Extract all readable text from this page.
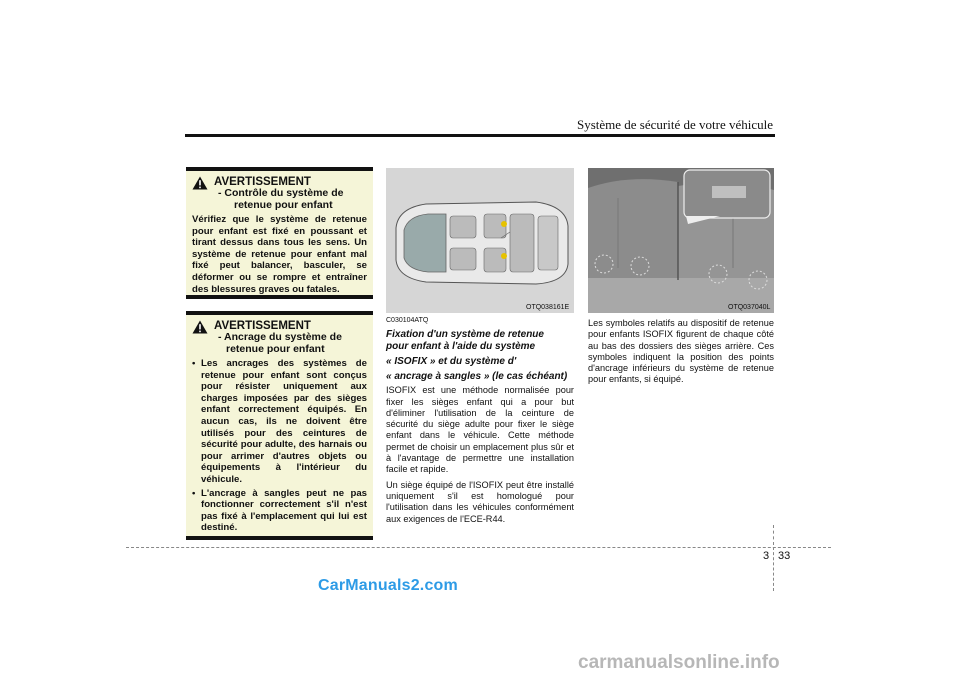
Système de sécurité de votre véhicule
AVERTISSEMENT

- Contrôle du système de
retenue pour enfant
Vérifiez que le système de retenue pour enfant est fixé en poussant et tirant dessus dans tous les sens. Un système de retenue pour enfant mal fixé peut balancer, basculer, se déformer ou se rompre et entraîner des blessures graves ou fatales.
AVERTISSEMENT

- Ancrage du système de
retenue pour enfant
• Les ancrages des systèmes de retenue pour enfant sont conçus pour résister uniquement aux charges imposées par des sièges enfant correctement équipés. En aucun cas, ils ne doivent être utilisés pour des ceintures de sécurité pour adulte, des harnais ou pour arrimer d'autres objets ou équipements à l'intérieur du véhicule.
• L'ancrage à sangles peut ne pas fonctionner correctement s'il n'est pas fixé à l'emplacement qui lui est destiné.
OTQ038161E	OTQ037040L
C030104ATQ
Fixation d'un système de retenue
pour enfant à l'aide du système
« ISOFIX » et du système d'
« ancrage à sangles » (le cas échéant)

ISOFIX est une méthode normalisée pour fixer les sièges enfant qui a pour but d'éliminer l'utilisation de la ceinture de sécurité du siège adulte pour fixer le siège enfant dans le véhicule. Cette méthode permet de choisir un emplacement plus sûr et à l'avantage de permettre une installation facile et rapide.

Un siège équipé de l'ISOFIX peut être installé uniquement s'il est homologué pour l'utilisation dans les véhicules conformément aux exigences de l'ECE-R44.

Les symboles relatifs au dispositif de retenue pour enfants ISOFIX figurent de chaque côté au bas des dossiers des sièges arrière. Ces symboles indiquent la position des points d'ancrage inférieurs du système de retenue pour enfants, si équipé.

3 33
CarManuals2.com
carmanualsonline.info
